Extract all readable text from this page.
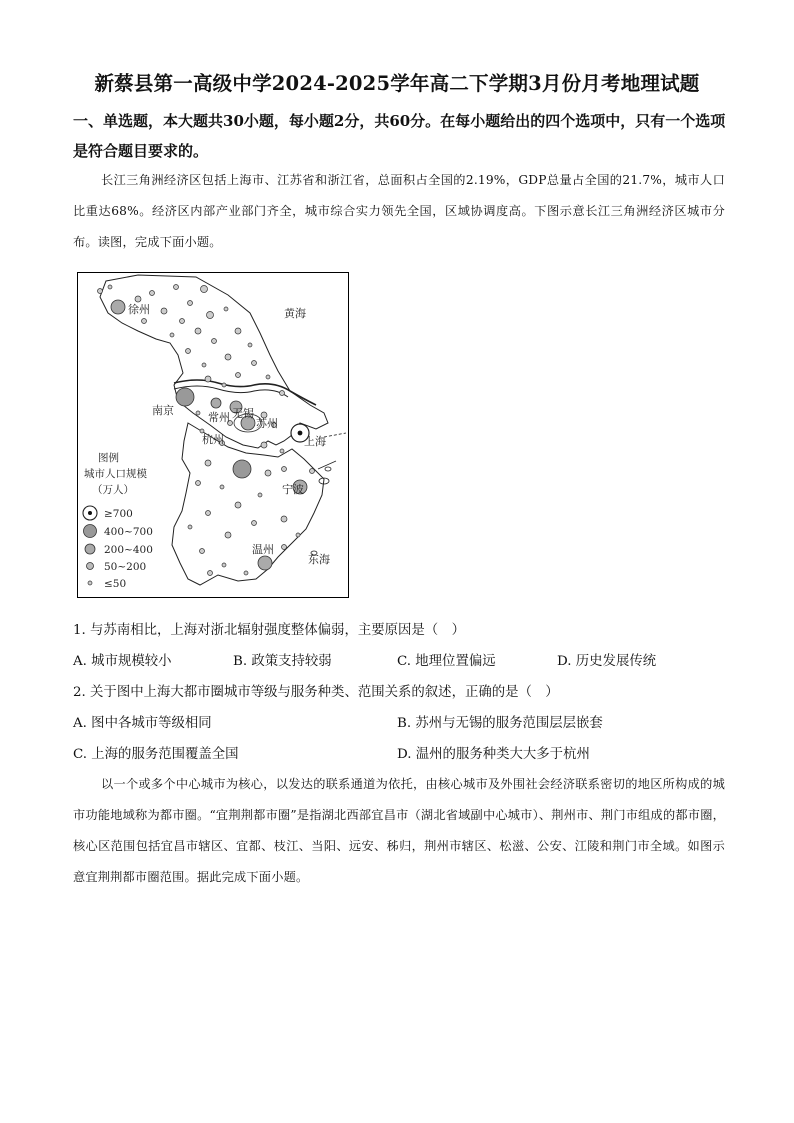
新蔡县第一高级中学2024-2025学年高二下学期3月份月考地理试题
一、单选题，本大题共30小题，每小题2分，共60分。在每小题给出的四个选项中，只有一个选项是符合题目要求的。
长江三角洲经济区包括上海市、江苏省和浙江省，总面积占全国的2.19%，GDP总量占全国的21.7%，城市人口比重达68%。经济区内部产业部门齐全，城市综合实力领先全国，区域协调度高。下图示意长江三角洲经济区城市分布。读图，完成下面小题。
徐州	黄海
南京
常州 无锡
苏州
上海
杭州
宁波
温州
东海
图例
城市人口规模
（万人）
≥700
400~700
200~400
50~200
≤50
1. 与苏南相比，上海对浙北辐射强度整体偏弱，主要原因是（　）
A. 城市规模较小	B. 政策支持较弱	C. 地理位置偏远	D. 历史发展传统
2. 关于图中上海大都市圈城市等级与服务种类、范围关系的叙述，正确的是（　）
A. 图中各城市等级相同	B. 苏州与无锡的服务范围层层嵌套
C. 上海的服务范围覆盖全国	D. 温州的服务种类大大多于杭州
以一个或多个中心城市为核心，以发达的联系通道为依托，由核心城市及外围社会经济联系密切的地区所构成的城市功能地域称为都市圈。“宜荆荆都市圈”是指湖北西部宜昌市（湖北省域副中心城市）、荆州市、荆门市组成的都市圈，核心区范围包括宜昌市辖区、宜都、枝江、当阳、远安、秭归，荆州市辖区、松滋、公安、江陵和荆门市全域。如图示意宜荆荆都市圈范围。据此完成下面小题。
